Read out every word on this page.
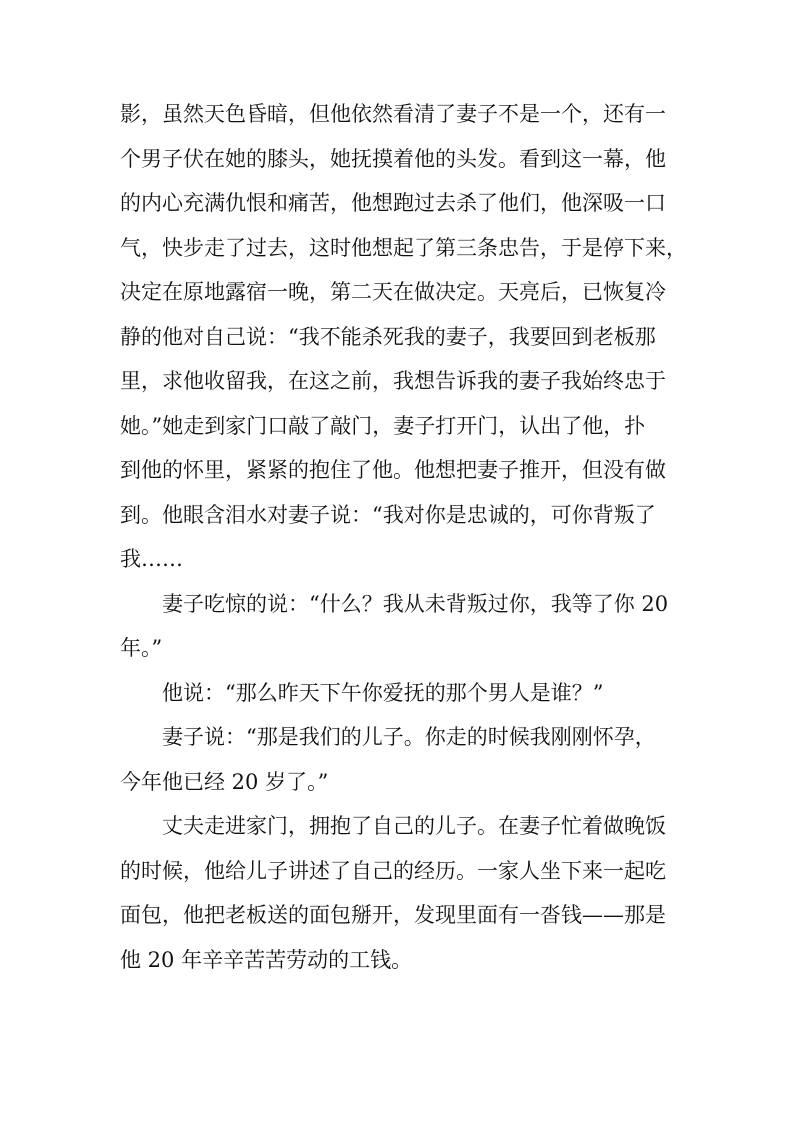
影，虽然天色昏暗，但他依然看清了妻子不是一个，还有一
个男子伏在她的膝头，她抚摸着他的头发。看到这一幕，他
的内心充满仇恨和痛苦，他想跑过去杀了他们，他深吸一口
气，快步走了过去，这时他想起了第三条忠告，于是停下来，
决定在原地露宿一晚，第二天在做决定。天亮后，已恢复冷
静的他对自己说：“我不能杀死我的妻子，我要回到老板那
里，求他收留我，在这之前，我想告诉我的妻子我始终忠于
她。”她走到家门口敲了敲门，妻子打开门，认出了他，扑
到他的怀里，紧紧的抱住了他。他想把妻子推开，但没有做
到。他眼含泪水对妻子说：“我对你是忠诚的，可你背叛了
我……
妻子吃惊的说：“什么？我从未背叛过你，我等了你 20
年。”
他说：“那么昨天下午你爱抚的那个男人是谁？”
妻子说：“那是我们的儿子。你走的时候我刚刚怀孕，
今年他已经 20 岁了。”
丈夫走进家门，拥抱了自己的儿子。在妻子忙着做晚饭
的时候，他给儿子讲述了自己的经历。一家人坐下来一起吃
面包，他把老板送的面包掰开，发现里面有一沓钱——那是
他 20 年辛辛苦苦劳动的工钱。
